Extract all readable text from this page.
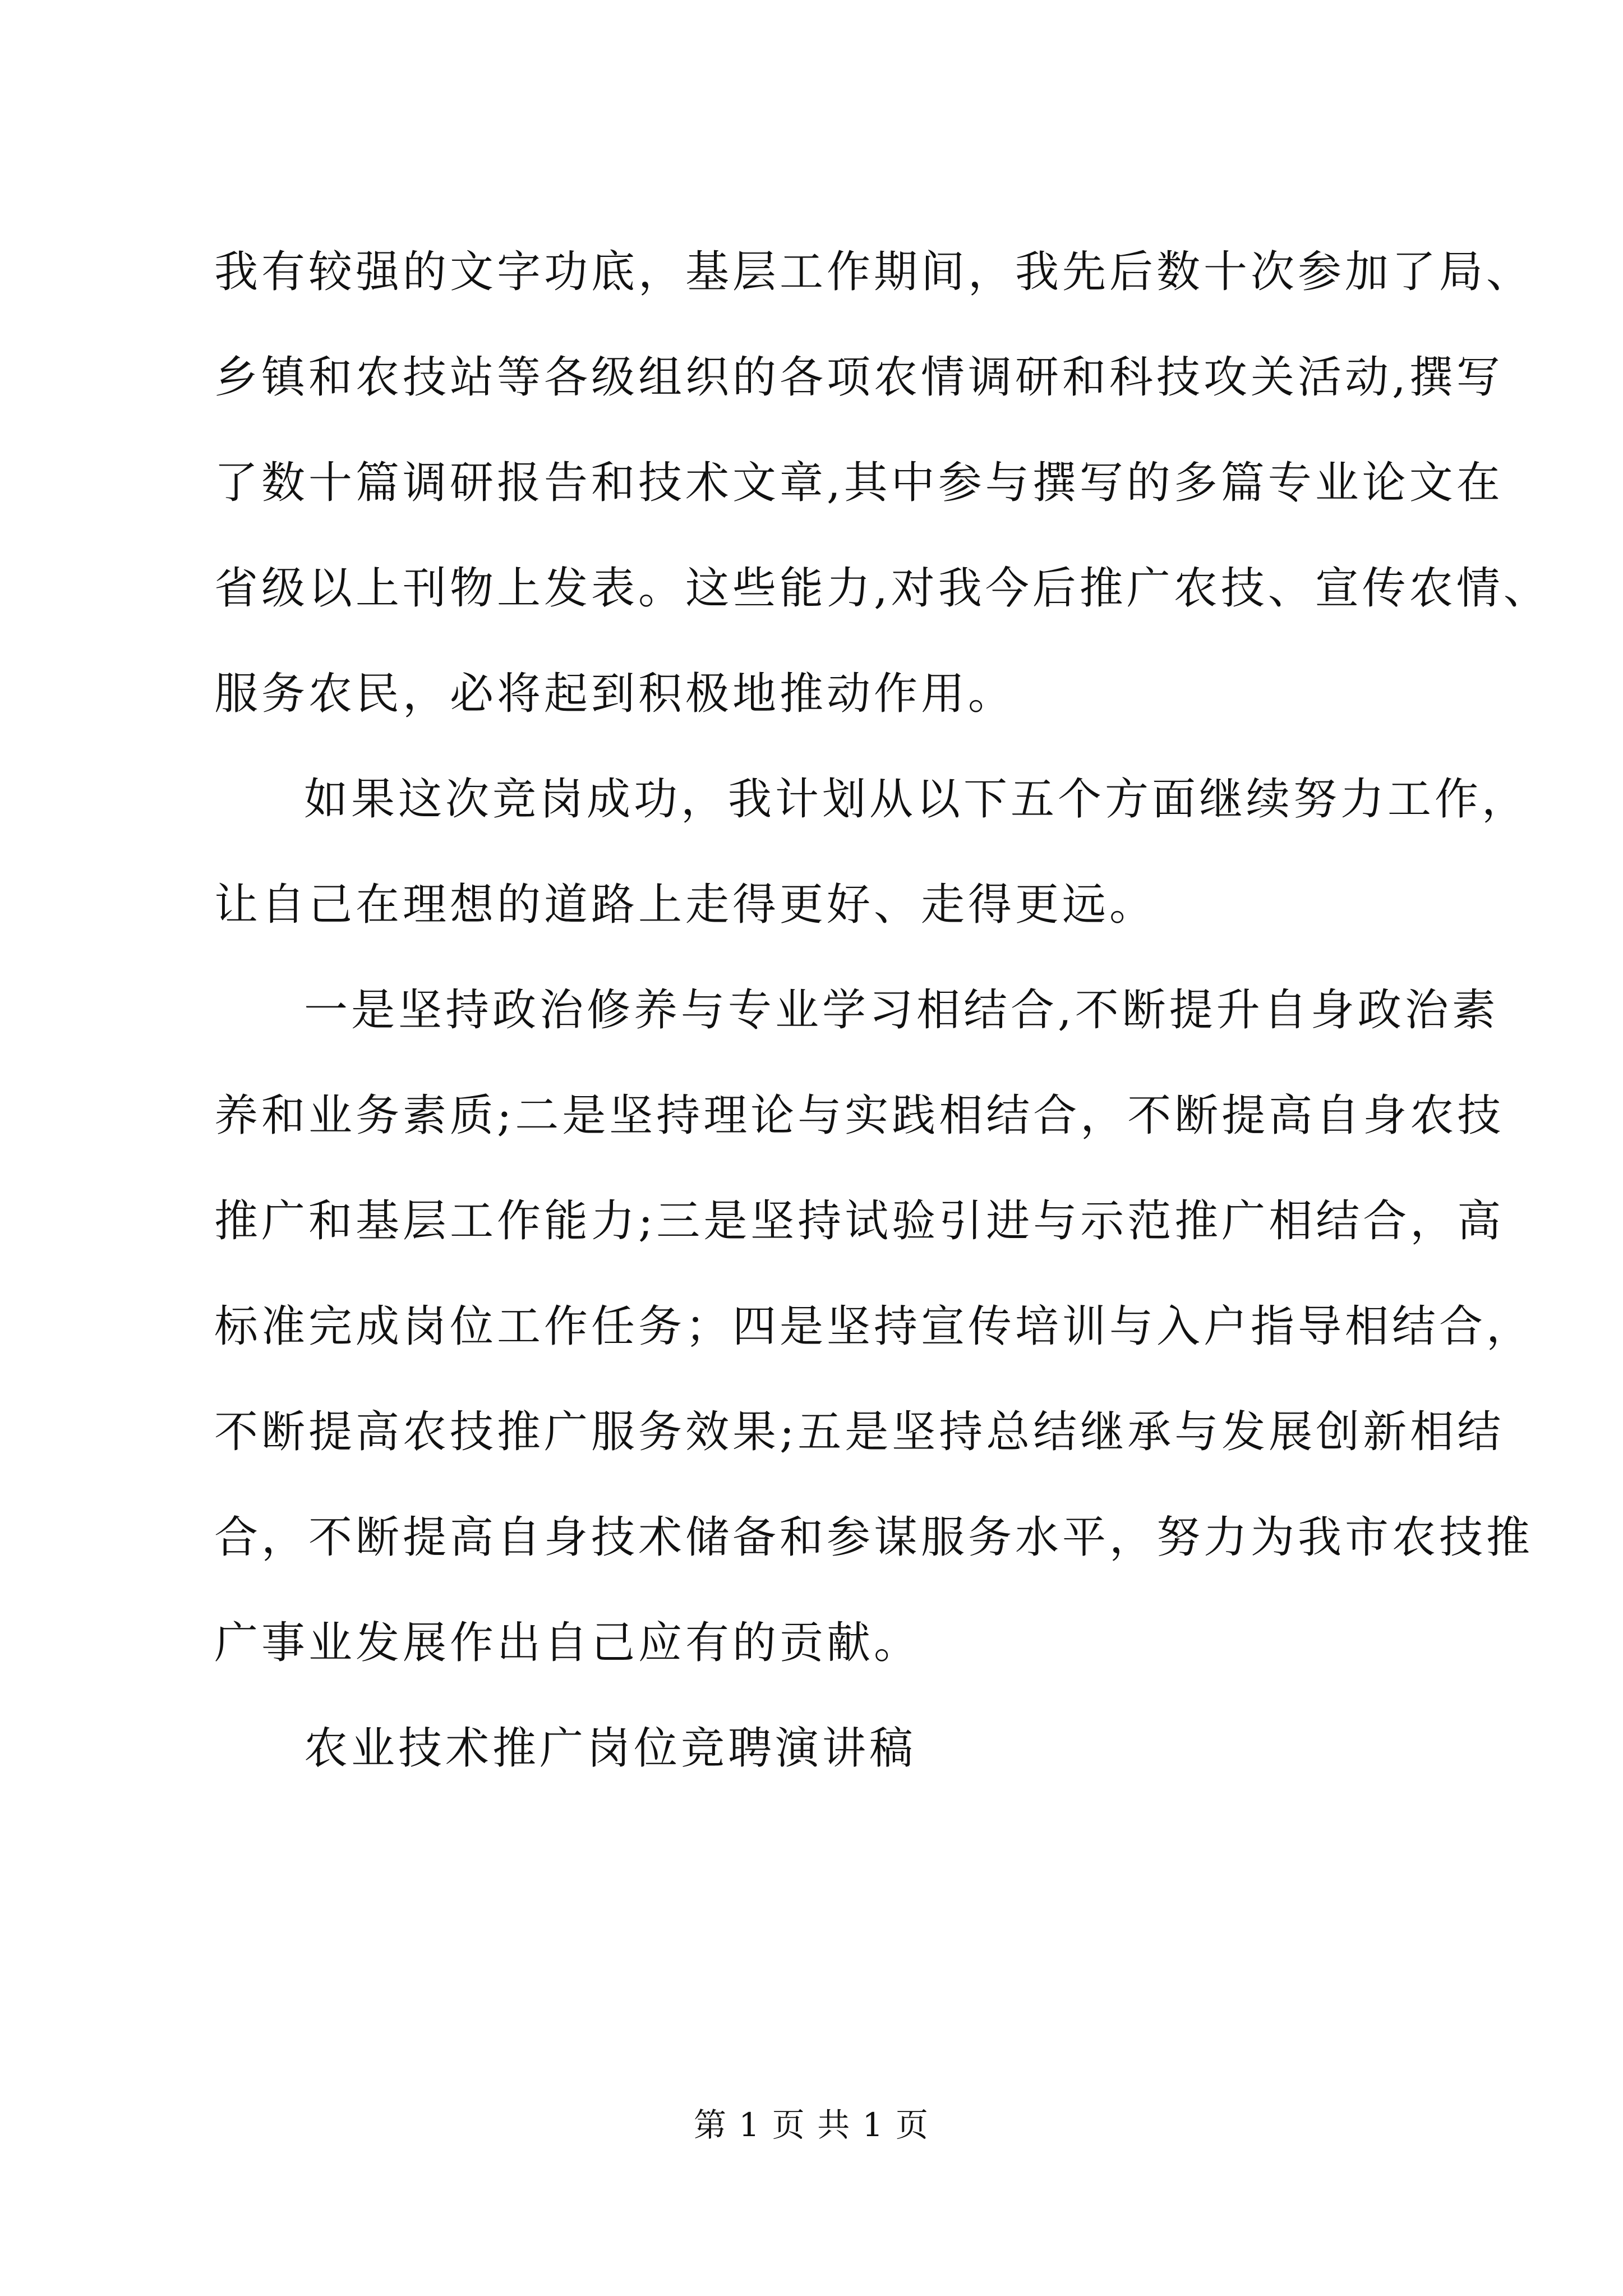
我有较强的文字功底，基层工作期间，我先后数十次参加了局、
乡镇和农技站等各级组织的各项农情调研和科技攻关活动,撰写
了数十篇调研报告和技术文章,其中参与撰写的多篇专业论文在
省级以上刊物上发表。这些能力,对我今后推广农技、宣传农情、
服务农民，必将起到积极地推动作用。
如果这次竞岗成功，我计划从以下五个方面继续努力工作，
让自己在理想的道路上走得更好、走得更远。
一是坚持政治修养与专业学习相结合,不断提升自身政治素
养和业务素质;二是坚持理论与实践相结合，不断提高自身农技
推广和基层工作能力;三是坚持试验引进与示范推广相结合，高
标准完成岗位工作任务；四是坚持宣传培训与入户指导相结合，
不断提高农技推广服务效果;五是坚持总结继承与发展创新相结
合，不断提高自身技术储备和参谋服务水平，努力为我市农技推
广事业发展作出自己应有的贡献。
农业技术推广岗位竞聘演讲稿
第 1 页 共 1 页
